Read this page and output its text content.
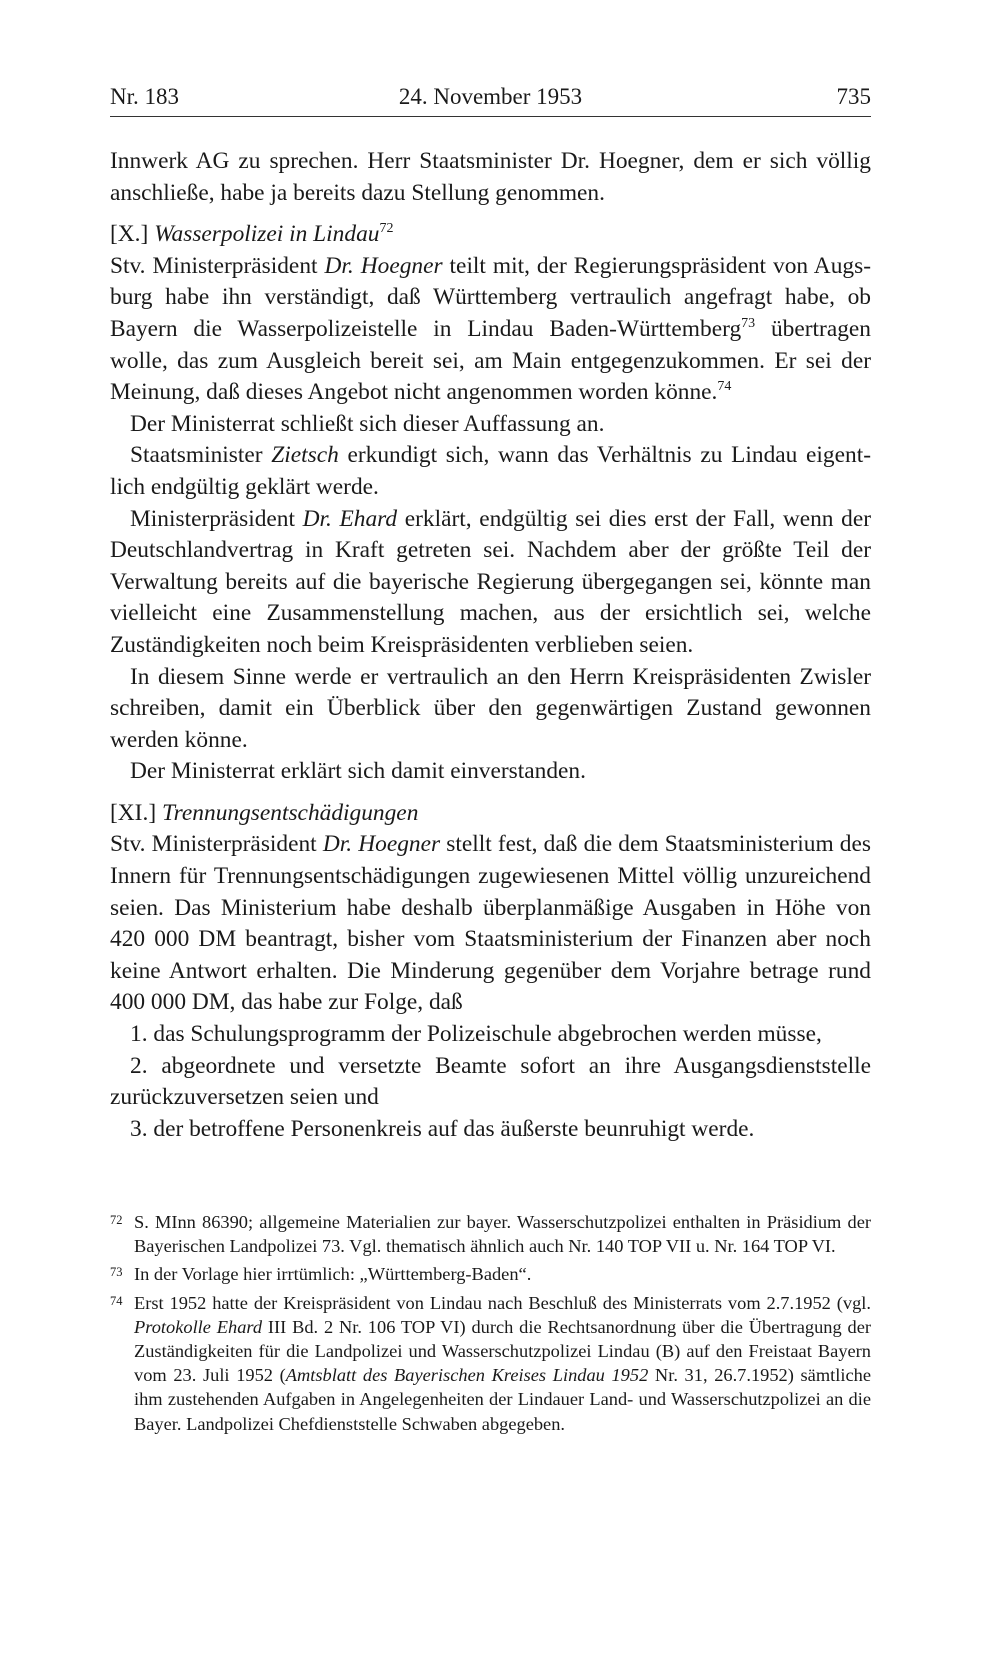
Nr. 183	24. November 1953	735

Innwerk AG zu sprechen. Herr Staatsminister Dr. Hoegner, dem er sich völlig anschließe, habe ja bereits dazu Stellung genommen.

[X.] Wasserpolizei in Lindau$^{72}$

Stv. Ministerpräsident Dr. Hoegner teilt mit, der Regierungspräsident von Augsburg habe ihn verständigt, daß Württemberg vertraulich angefragt habe, ob Bayern die Wasserpolizeistelle in Lindau Baden-Württemberg$^{73}$ übertragen wolle, das zum Ausgleich bereit sei, am Main entgegenzukommen. Er sei der Meinung, daß dieses Angebot nicht angenommen worden könne.$^{74}$

Der Ministerrat schließt sich dieser Auffassung an.

Staatsminister Zietsch erkundigt sich, wann das Verhältnis zu Lindau eigentlich endgültig geklärt werde.

Ministerpräsident Dr. Ehard erklärt, endgültig sei dies erst der Fall, wenn der Deutschlandvertrag in Kraft getreten sei. Nachdem aber der größte Teil der Verwaltung bereits auf die bayerische Regierung übergegangen sei, könnte man vielleicht eine Zusammenstellung machen, aus der ersichtlich sei, welche Zuständigkeiten noch beim Kreispräsidenten verblieben seien.

In diesem Sinne werde er vertraulich an den Herrn Kreispräsidenten Zwisler schreiben, damit ein Überblick über den gegenwärtigen Zustand gewonnen werden könne.

Der Ministerrat erklärt sich damit einverstanden.

[XI.] Trennungsentschädigungen

Stv. Ministerpräsident Dr. Hoegner stellt fest, daß die dem Staatsministerium des Innern für Trennungsentschädigungen zugewiesenen Mittel völlig unzureichend seien. Das Ministerium habe deshalb überplanmäßige Ausgaben in Höhe von 420 000 DM beantragt, bisher vom Staatsministerium der Finanzen aber noch keine Antwort erhalten. Die Minderung gegenüber dem Vorjahre betrage rund 400 000 DM, das habe zur Folge, daß

1. das Schulungsprogramm der Polizeischule abgebrochen werden müsse,

2. abgeordnete und versetzte Beamte sofort an ihre Ausgangsdienststelle zurückzuversetzen seien und

3. der betroffene Personenkreis auf das äußerste beunruhigt werde.

72 S. MInn 86390; allgemeine Materialien zur bayer. Wasserschutzpolizei enthalten in Präsidium der Bayerischen Landpolizei 73. Vgl. thematisch ähnlich auch Nr. 140 TOP VII u. Nr. 164 TOP VI.
73 In der Vorlage hier irrtümlich: „Württemberg-Baden“.
74 Erst 1952 hatte der Kreispräsident von Lindau nach Beschluß des Ministerrats vom 2.7.1952 (vgl. Protokolle Ehard III Bd. 2 Nr. 106 TOP VI) durch die Rechtsanordnung über die Übertragung der Zuständigkeiten für die Landpolizei und Wasserschutzpolizei Lindau (B) auf den Freistaat Bayern vom 23. Juli 1952 (Amtsblatt des Bayerischen Kreises Lindau 1952 Nr. 31, 26.7.1952) sämtliche ihm zustehenden Aufgaben in Angelegenheiten der Lindauer Land- und Wasserschutzpolizei an die Bayer. Landpolizei Chefdienststelle Schwaben abgegeben.
